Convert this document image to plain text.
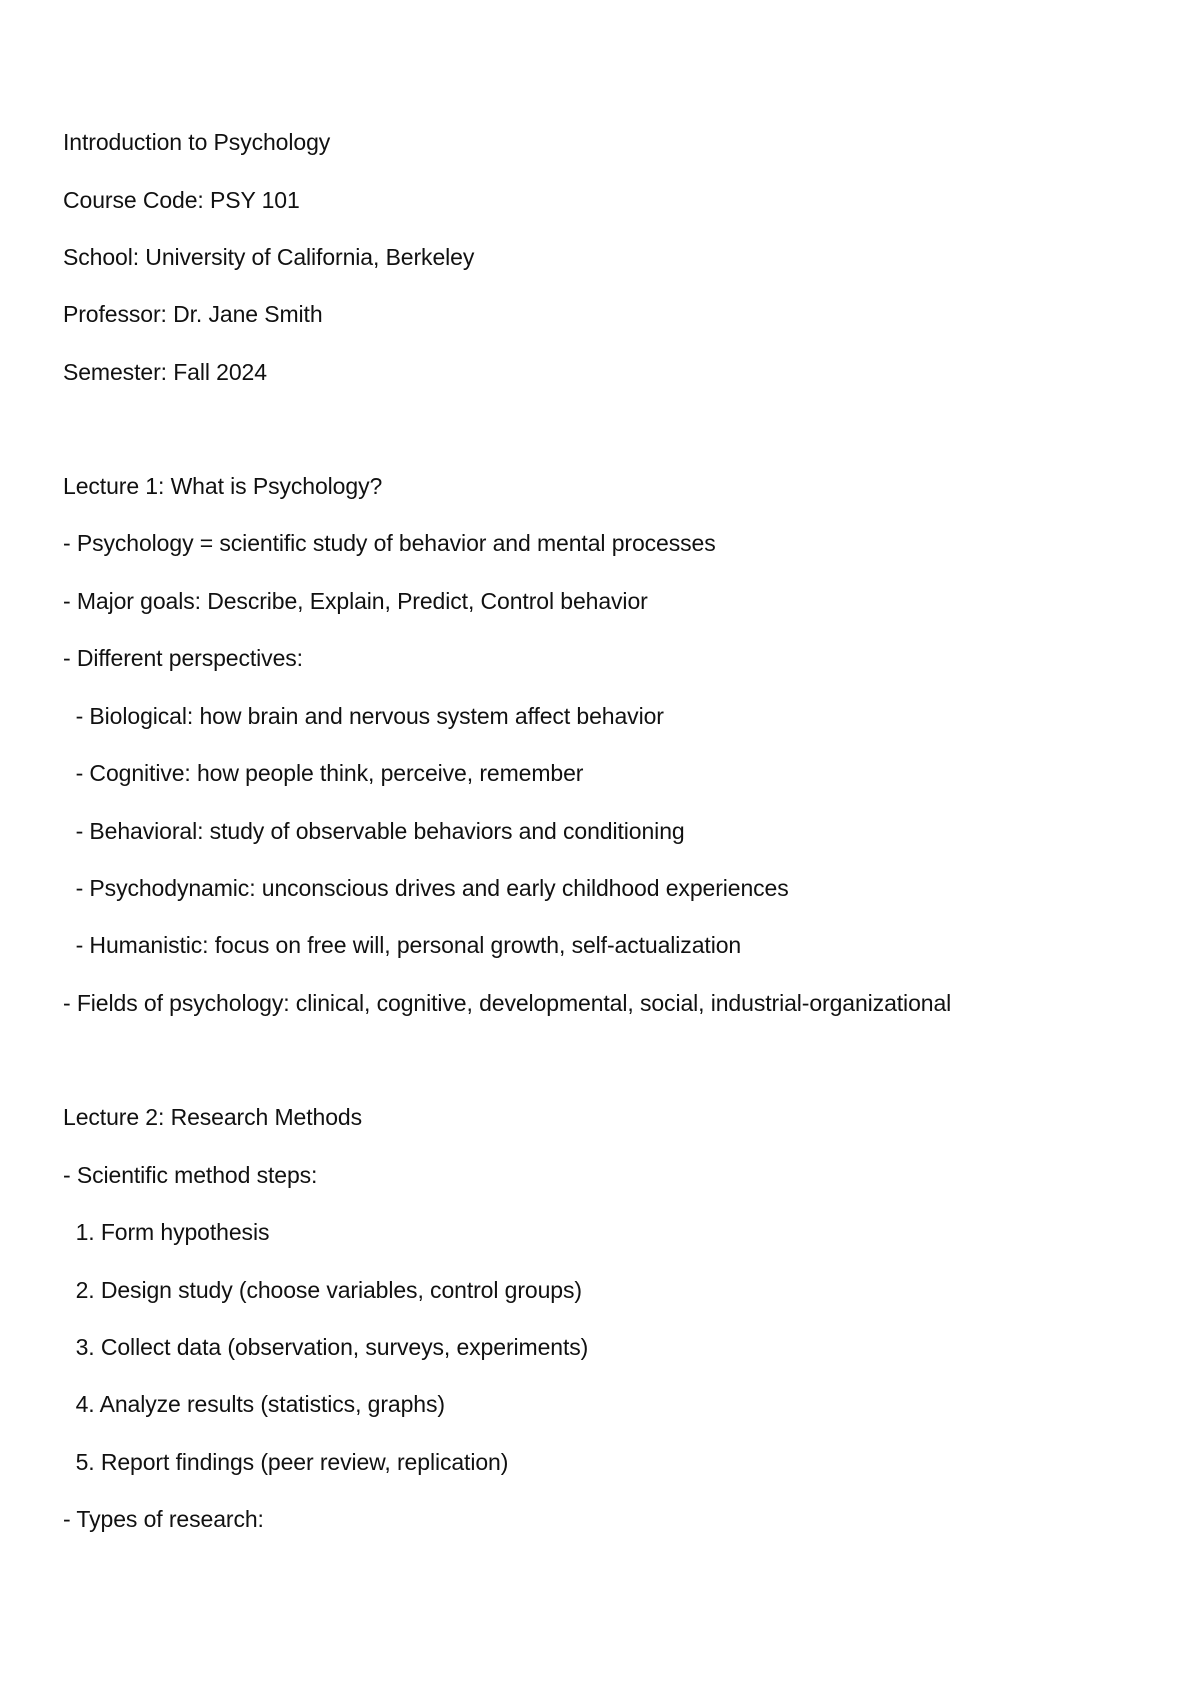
Introduction to Psychology
Course Code: PSY 101
School: University of California, Berkeley
Professor: Dr. Jane Smith
Semester: Fall 2024
Lecture 1: What is Psychology?
- Psychology = scientific study of behavior and mental processes
- Major goals: Describe, Explain, Predict, Control behavior
- Different perspectives:
- Biological: how brain and nervous system affect behavior
- Cognitive: how people think, perceive, remember
- Behavioral: study of observable behaviors and conditioning
- Psychodynamic: unconscious drives and early childhood experiences
- Humanistic: focus on free will, personal growth, self-actualization
- Fields of psychology: clinical, cognitive, developmental, social, industrial-organizational
Lecture 2: Research Methods
- Scientific method steps:
1. Form hypothesis
2. Design study (choose variables, control groups)
3. Collect data (observation, surveys, experiments)
4. Analyze results (statistics, graphs)
5. Report findings (peer review, replication)
- Types of research:
